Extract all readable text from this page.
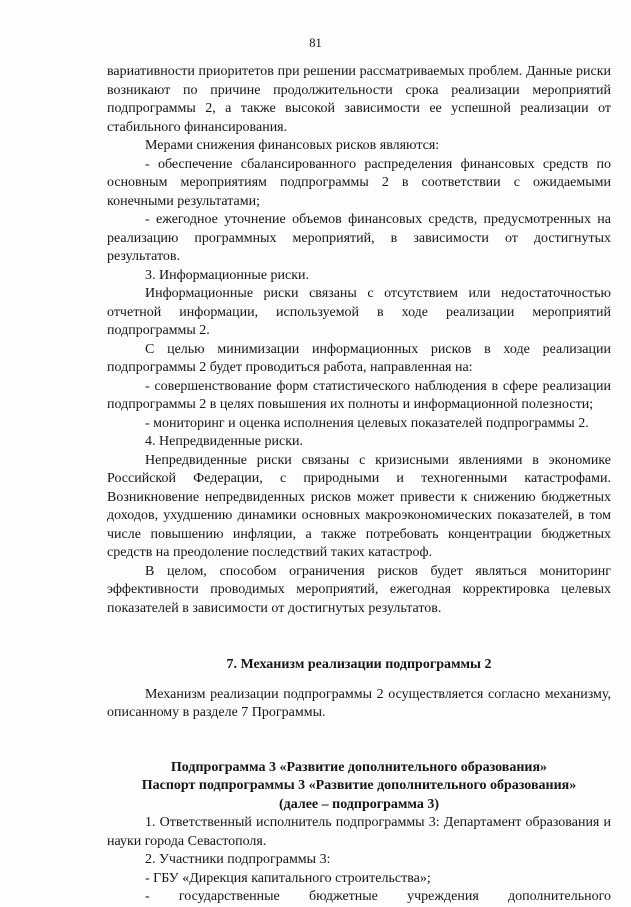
81

вариативности приоритетов при решении рассматриваемых проблем. Данные риски возникают по причине продолжительности срока реализации мероприятий подпрограммы 2, а также высокой зависимости ее успешной реализации от стабильного финансирования.

Мерами снижения финансовых рисков являются:

- обеспечение сбалансированного распределения финансовых средств по основным мероприятиям подпрограммы 2 в соответствии с ожидаемыми конечными результатами;

- ежегодное уточнение объемов финансовых средств, предусмотренных на реализацию программных мероприятий, в зависимости от достигнутых результатов.

3. Информационные риски.

Информационные риски связаны с отсутствием или недостаточностью отчетной информации, используемой в ходе реализации мероприятий подпрограммы 2.

С целью минимизации информационных рисков в ходе реализации подпрограммы 2 будет проводиться работа, направленная на:

- совершенствование форм статистического наблюдения в сфере реализации подпрограммы 2 в целях повышения их полноты и информационной полезности;

- мониторинг и оценка исполнения целевых показателей подпрограммы 2.

4. Непредвиденные риски.

Непредвиденные риски связаны с кризисными явлениями в экономике Российской Федерации, с природными и техногенными катастрофами. Возникновение непредвиденных рисков может привести к снижению бюджетных доходов, ухудшению динамики основных макроэкономических показателей, в том числе повышению инфляции, а также потребовать концентрации бюджетных средств на преодоление последствий таких катастроф.

В целом, способом ограничения рисков будет являться мониторинг эффективности проводимых мероприятий, ежегодная корректировка целевых показателей в зависимости от достигнутых результатов.

7. Механизм реализации подпрограммы 2

Механизм реализации подпрограммы 2 осуществляется согласно механизму, описанному в разделе 7 Программы.

Подпрограмма 3 «Развитие дополнительного образования»

Паспорт подпрограммы 3 «Развитие дополнительного образования»

(далее – подпрограмма 3)

1. Ответственный исполнитель подпрограммы 3: Департамент образования и науки города Севастополя.

2. Участники подпрограммы 3:

- ГБУ «Дирекция капитального строительства»;

- государственные бюджетные учреждения дополнительного
